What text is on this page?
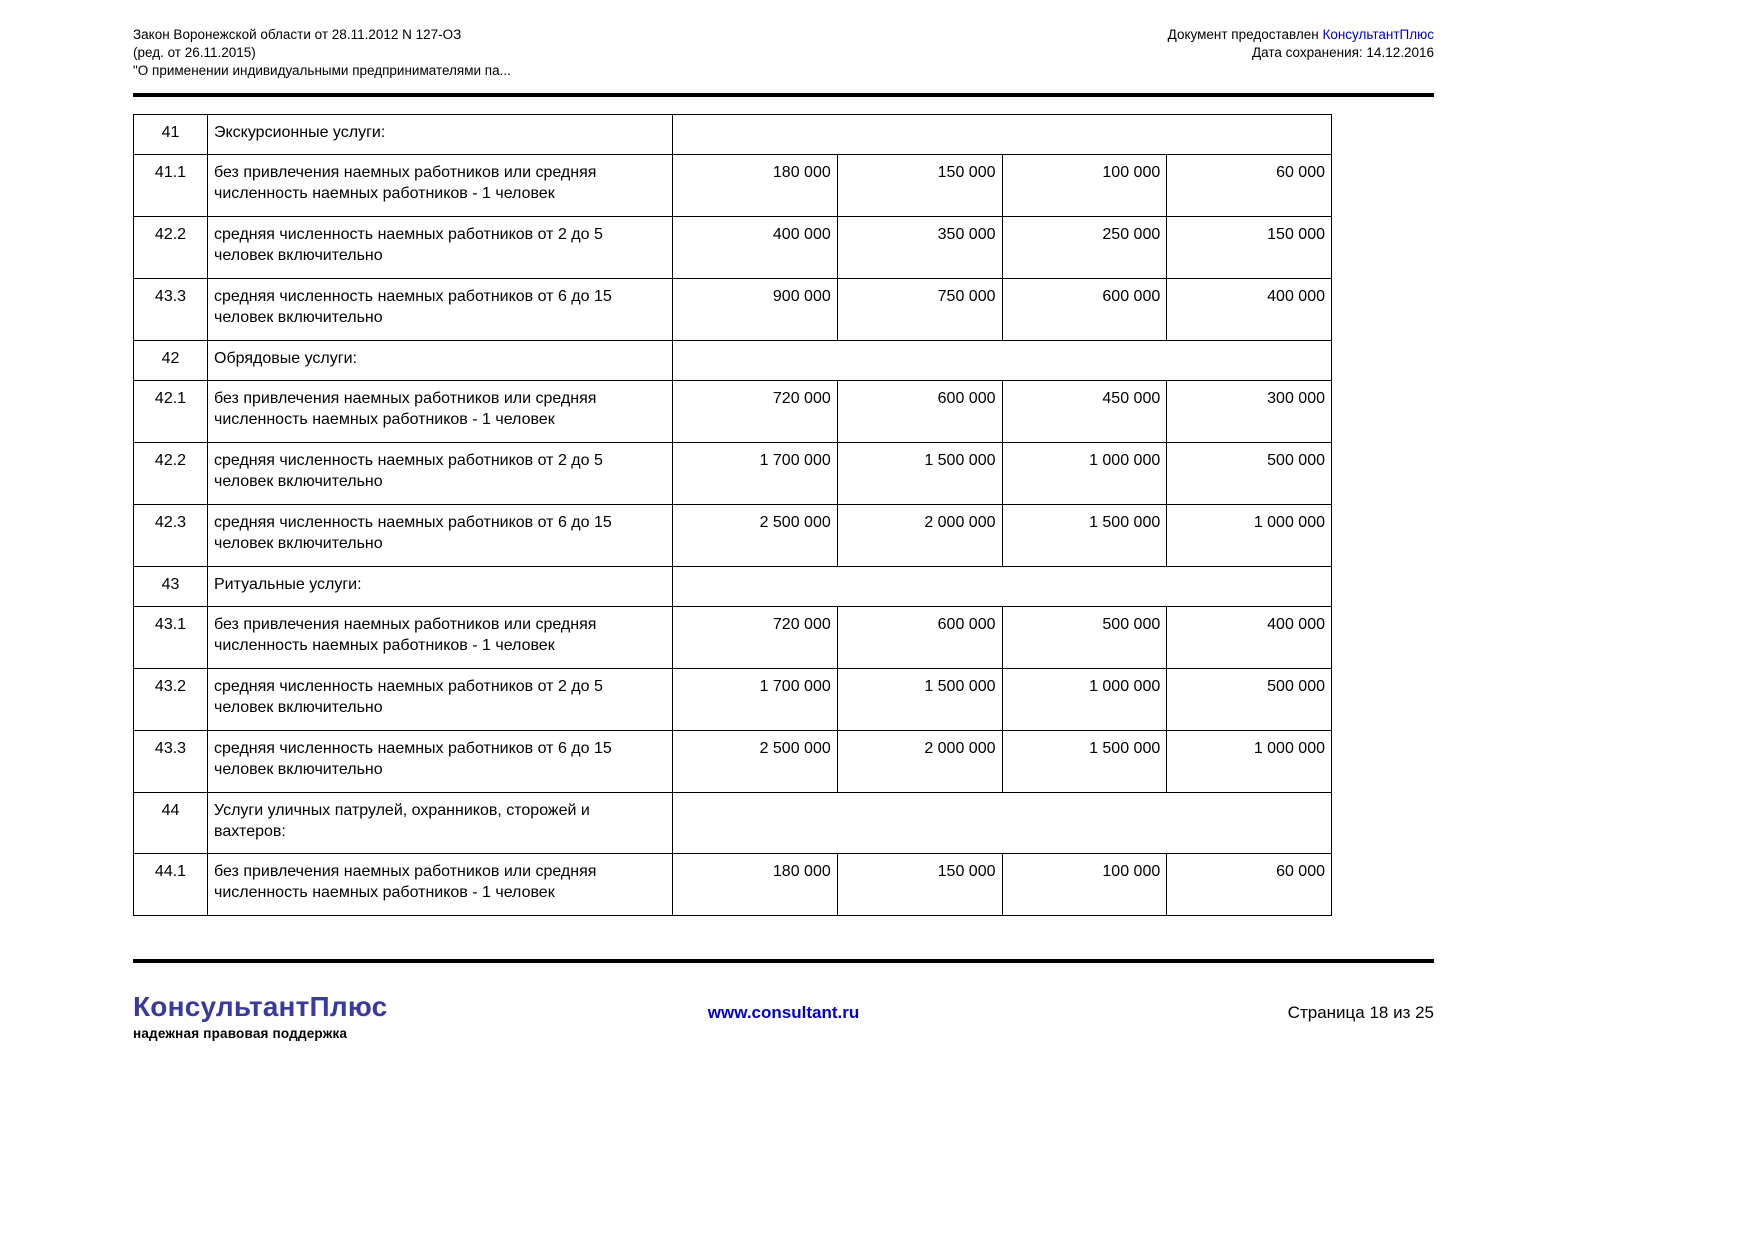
Закон Воронежской области от 28.11.2012 N 127-ОЗ
(ред. от 26.11.2015)
"О применении индивидуальными предпринимателями па...
Документ предоставлен КонсультантПлюс
Дата сохранения: 14.12.2016
41	Экскурсионные услуги:				
41.1	без привлечения наемных работников или средняя численность наемных работников - 1 человек	180 000	150 000	100 000	60 000
42.2	средняя численность наемных работников от 2 до 5 человек включительно	400 000	350 000	250 000	150 000
43.3	средняя численность наемных работников от 6 до 15 человек включительно	900 000	750 000	600 000	400 000
42	Обрядовые услуги:				
42.1	без привлечения наемных работников или средняя численность наемных работников - 1 человек	720 000	600 000	450 000	300 000
42.2	средняя численность наемных работников от 2 до 5 человек включительно	1 700 000	1 500 000	1 000 000	500 000
42.3	средняя численность наемных работников от 6 до 15 человек включительно	2 500 000	2 000 000	1 500 000	1 000 000
43	Ритуальные услуги:				
43.1	без привлечения наемных работников или средняя численность наемных работников - 1 человек	720 000	600 000	500 000	400 000
43.2	средняя численность наемных работников от 2 до 5 человек включительно	1 700 000	1 500 000	1 000 000	500 000
43.3	средняя численность наемных работников от 6 до 15 человек включительно	2 500 000	2 000 000	1 500 000	1 000 000
44	Услуги уличных патрулей, охранников, сторожей и вахтеров:				
44.1	без привлечения наемных работников или средняя численность наемных работников - 1 человек	180 000	150 000	100 000	60 000
КонсультантПлюс
надежная правовая поддержка
www.consultant.ru	Страница 18 из 25
